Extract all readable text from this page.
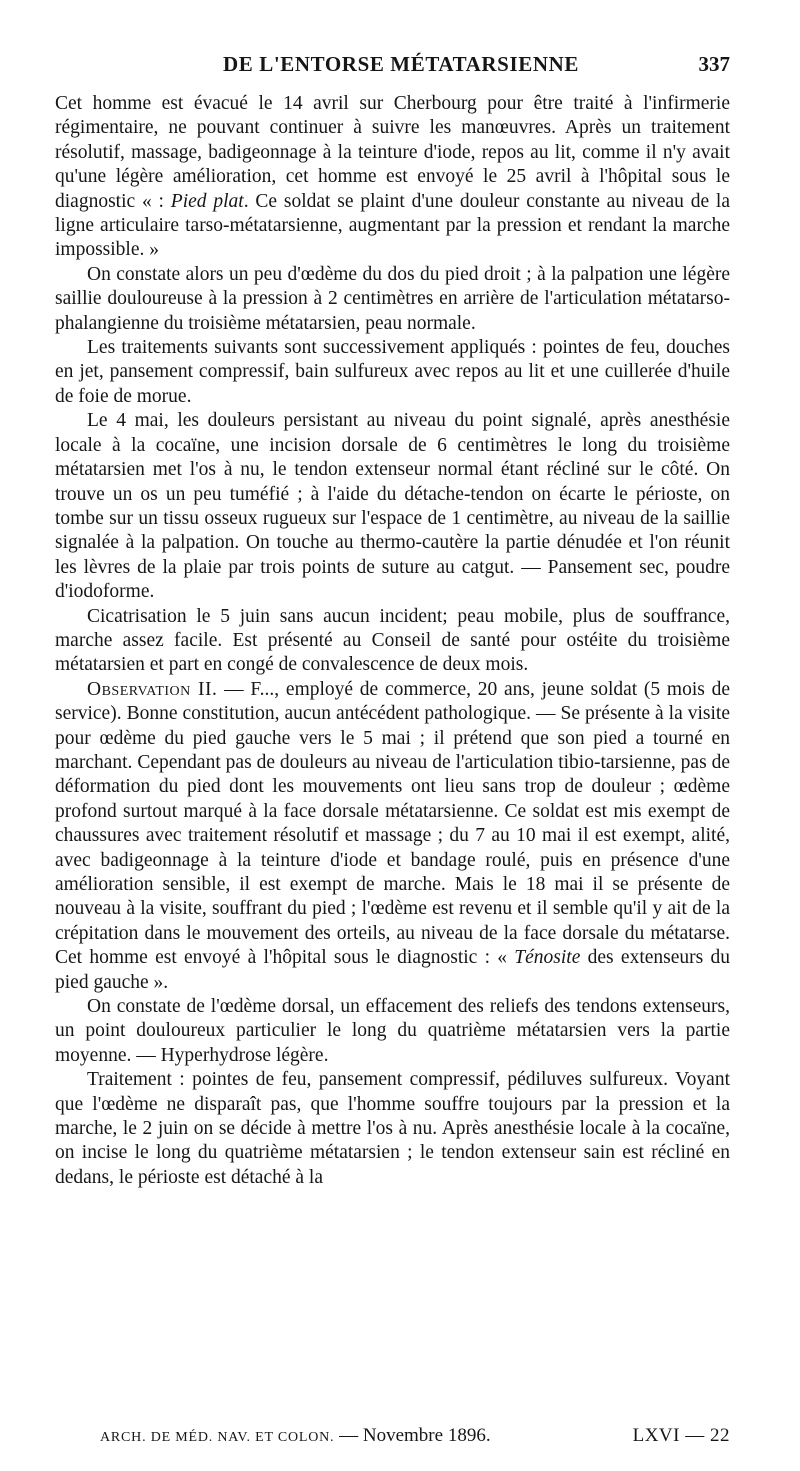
DE L'ENTORSE MÉTATARSIENNE	337

Cet homme est évacué le 14 avril sur Cherbourg pour être traité à l'infirmerie régimentaire, ne pouvant continuer à suivre les manœuvres. Après un traitement résolutif, massage, badigeonnage à la teinture d'iode, repos au lit, comme il n'y avait qu'une légère amélioration, cet homme est envoyé le 25 avril à l'hôpital sous le diagnostic « : Pied plat. Ce soldat se plaint d'une douleur constante au niveau de la ligne articulaire tarso-métatarsienne, augmentant par la pression et rendant la marche impossible. »

On constate alors un peu d'œdème du dos du pied droit ; à la palpation une légère saillie douloureuse à la pression à 2 centimètres en arrière de l'articulation métatarso-phalangienne du troisième métatarsien, peau normale.

Les traitements suivants sont successivement appliqués : pointes de feu, douches en jet, pansement compressif, bain sulfureux avec repos au lit et une cuillerée d'huile de foie de morue.

Le 4 mai, les douleurs persistant au niveau du point signalé, après anesthésie locale à la cocaïne, une incision dorsale de 6 centimètres le long du troisième métatarsien met l'os à nu, le tendon extenseur normal étant récliné sur le côté. On trouve un os un peu tuméfié ; à l'aide du détache-tendon on écarte le périoste, on tombe sur un tissu osseux rugueux sur l'espace de 1 centimètre, au niveau de la saillie signalée à la palpation. On touche au thermo-cautère la partie dénudée et l'on réunit les lèvres de la plaie par trois points de suture au catgut. — Pansement sec, poudre d'iodoforme.

Cicatrisation le 5 juin sans aucun incident; peau mobile, plus de souffrance, marche assez facile. Est présenté au Conseil de santé pour ostéite du troisième métatarsien et part en congé de convalescence de deux mois.

Observation II. — F..., employé de commerce, 20 ans, jeune soldat (5 mois de service). Bonne constitution, aucun antécédent pathologique. — Se présente à la visite pour œdème du pied gauche vers le 5 mai ; il prétend que son pied a tourné en marchant. Cependant pas de douleurs au niveau de l'articulation tibio-tarsienne, pas de déformation du pied dont les mouvements ont lieu sans trop de douleur ; œdème profond surtout marqué à la face dorsale métatarsienne. Ce soldat est mis exempt de chaussures avec traitement résolutif et massage ; du 7 au 10 mai il est exempt, alité, avec badigeonnage à la teinture d'iode et bandage roulé, puis en présence d'une amélioration sensible, il est exempt de marche. Mais le 18 mai il se présente de nouveau à la visite, souffrant du pied ; l'œdème est revenu et il semble qu'il y ait de la crépitation dans le mouvement des orteils, au niveau de la face dorsale du métatarse. Cet homme est envoyé à l'hôpital sous le diagnostic : « Ténosite des extenseurs du pied gauche ».

On constate de l'œdème dorsal, un effacement des reliefs des tendons extenseurs, un point douloureux particulier le long du quatrième métatarsien vers la partie moyenne. — Hyperhydrose légère.

Traitement : pointes de feu, pansement compressif, pédiluves sulfureux. Voyant que l'œdème ne disparaît pas, que l'homme souffre toujours par la pression et la marche, le 2 juin on se décide à mettre l'os à nu. Après anesthésie locale à la cocaïne, on incise le long du quatrième métatarsien ; le tendon extenseur sain est récliné en dedans, le périoste est détaché à la

ARCH. DE MÉD. NAV. ET COLON. — Novembre 1896.	LXVI — 22
